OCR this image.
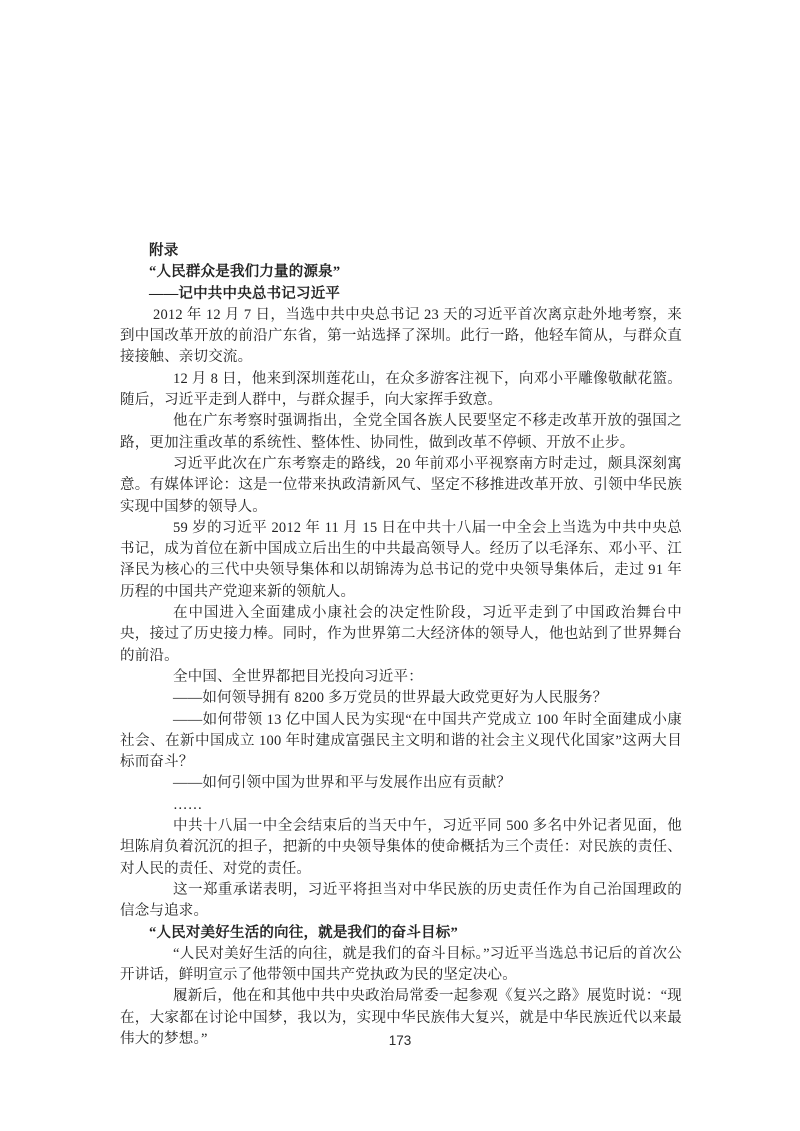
附录

“人民群众是我们力量的源泉”

——记中共中央总书记习近平

2012 年 12 月 7 日，当选中共中央总书记 23 天的习近平首次离京赴外地考察，来到中国改革开放的前沿广东省，第一站选择了深圳。此行一路，他轻车简从，与群众直接接触、亲切交流。

12 月 8 日，他来到深圳莲花山，在众多游客注视下，向邓小平雕像敬献花篮。随后，习近平走到人群中，与群众握手，向大家挥手致意。

他在广东考察时强调指出，全党全国各族人民要坚定不移走改革开放的强国之路，更加注重改革的系统性、整体性、协同性，做到改革不停顿、开放不止步。

习近平此次在广东考察走的路线，20 年前邓小平视察南方时走过，颇具深刻寓意。有媒体评论：这是一位带来执政清新风气、坚定不移推进改革开放、引领中华民族实现中国梦的领导人。

59 岁的习近平 2012 年 11 月 15 日在中共十八届一中全会上当选为中共中央总书记，成为首位在新中国成立后出生的中共最高领导人。经历了以毛泽东、邓小平、江泽民为核心的三代中央领导集体和以胡锦涛为总书记的党中央领导集体后，走过 91 年历程的中国共产党迎来新的领航人。

在中国进入全面建成小康社会的决定性阶段，习近平走到了中国政治舞台中央，接过了历史接力棒。同时，作为世界第二大经济体的领导人，他也站到了世界舞台的前沿。

全中国、全世界都把目光投向习近平：

——如何领导拥有 8200 多万党员的世界最大政党更好为人民服务？

——如何带领 13 亿中国人民为实现“在中国共产党成立 100 年时全面建成小康社会、在新中国成立 100 年时建成富强民主文明和谐的社会主义现代化国家”这两大目标而奋斗？

——如何引领中国为世界和平与发展作出应有贡献？

……

中共十八届一中全会结束后的当天中午，习近平同 500 多名中外记者见面，他坦陈肩负着沉沉的担子，把新的中央领导集体的使命概括为三个责任：对民族的责任、对人民的责任、对党的责任。

这一郑重承诺表明，习近平将担当对中华民族的历史责任作为自己治国理政的信念与追求。

“人民对美好生活的向往，就是我们的奋斗目标”

“人民对美好生活的向往，就是我们的奋斗目标。”习近平当选总书记后的首次公开讲话，鲜明宣示了他带领中国共产党执政为民的坚定决心。

履新后，他在和其他中共中央政治局常委一起参观《复兴之路》展览时说：“现在，大家都在讨论中国梦，我以为，实现中华民族伟大复兴，就是中华民族近代以来最伟大的梦想。”	173
